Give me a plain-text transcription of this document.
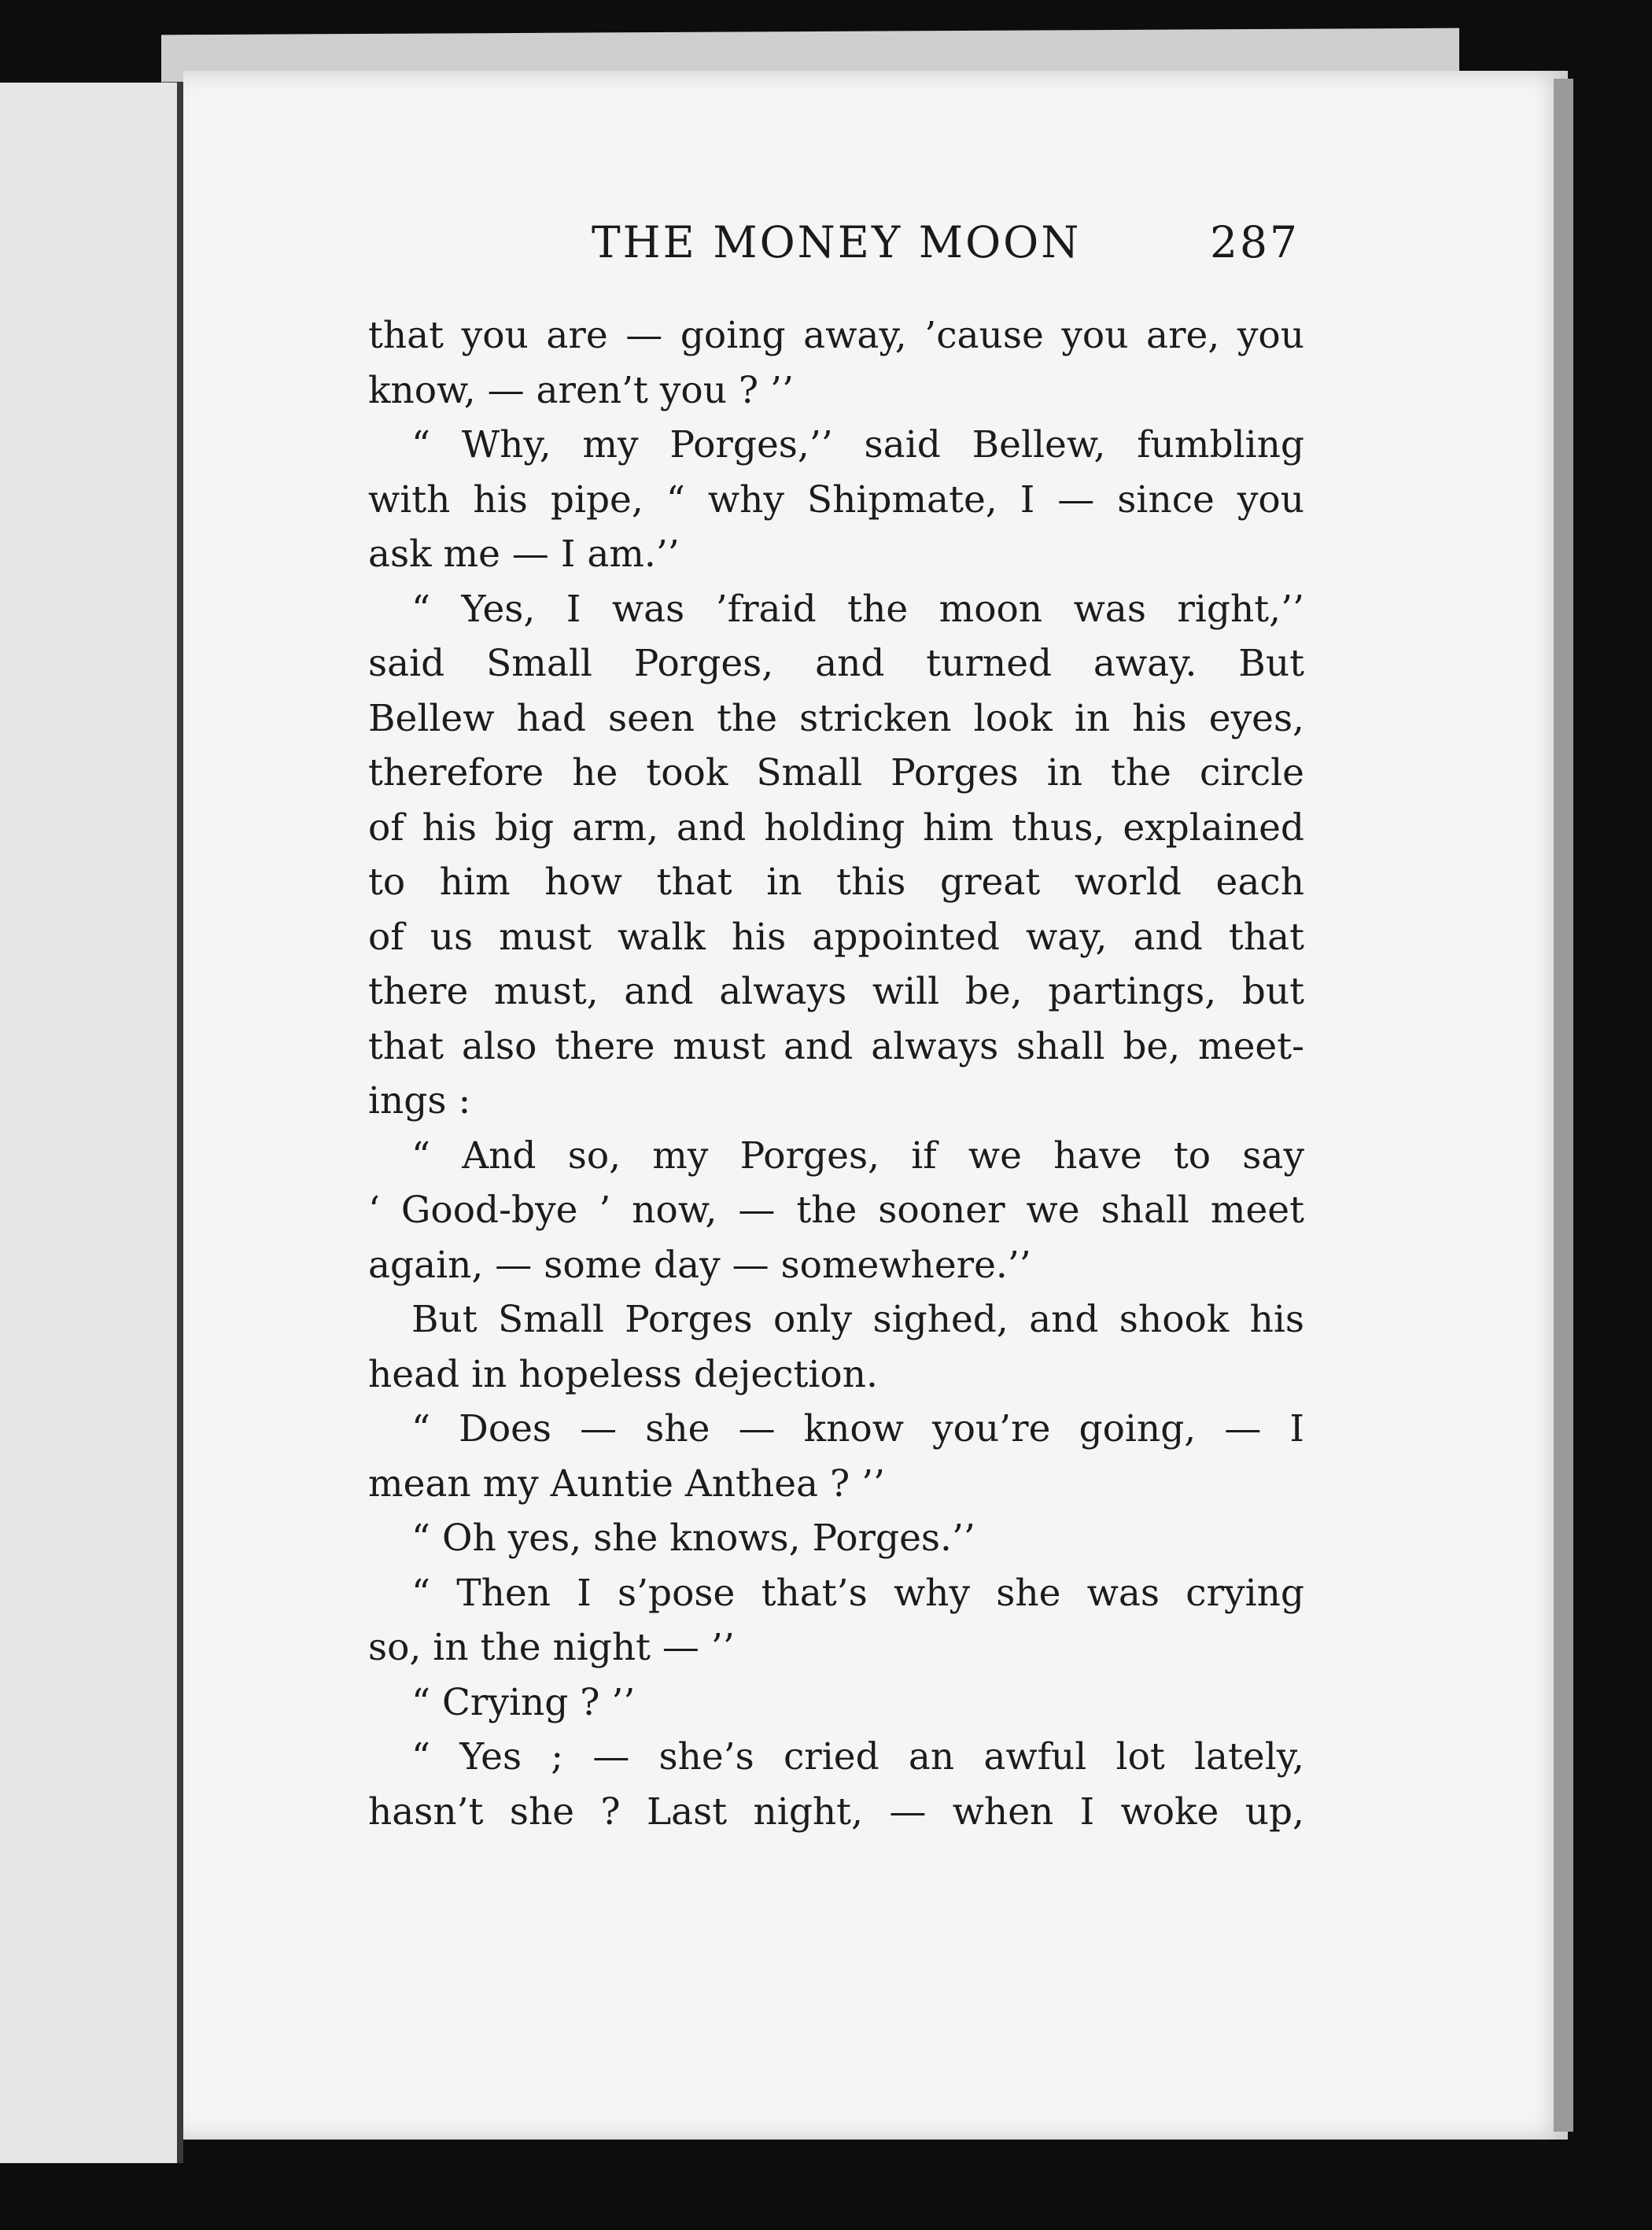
THE MONEY MOON	287
that you are — going away, ’cause you are, you
know, — aren’t you ? ’’
“ Why, my Porges,’’ said Bellew, fumbling
with his pipe, “ why Shipmate, I — since you
ask me — I am.’’
“ Yes, I was ’fraid the moon was right,’’
said Small Porges, and turned away. But
Bellew had seen the stricken look in his eyes,
therefore he took Small Porges in the circle
of his big arm, and holding him thus, explained
to him how that in this great world each
of us must walk his appointed way, and that
there must, and always will be, partings, but
that also there must and always shall be, meet-
ings :
“ And so, my Porges, if we have to say
‘ Good-bye ’ now, — the sooner we shall meet
again, — some day — somewhere.’’
But Small Porges only sighed, and shook his
head in hopeless dejection.
“ Does — she — know you’re going, — I
mean my Auntie Anthea ? ’’
“ Oh yes, she knows, Porges.’’
“ Then I s’pose that’s why she was crying
so, in the night — ’’
“ Crying ? ’’
“ Yes ; — she’s cried an awful lot lately,
hasn’t she ? Last night, — when I woke up,
